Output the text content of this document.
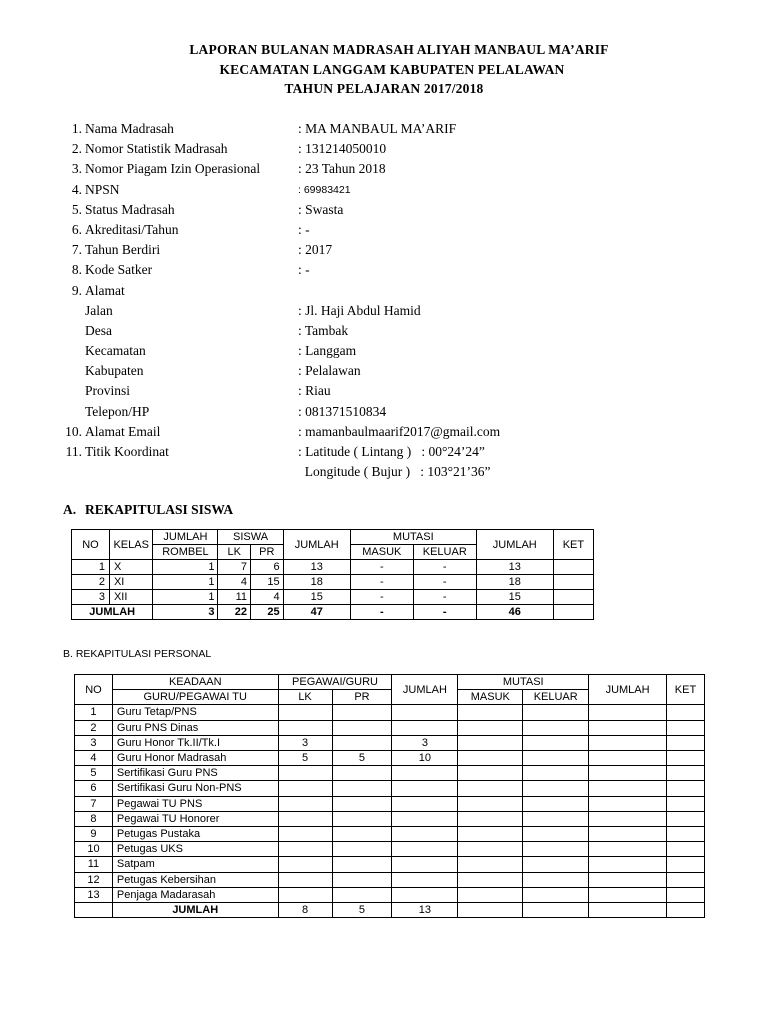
LAPORAN BULANAN MADRASAH ALIYAH MANBAUL MA’ARIF
KECAMATAN LANGGAM KABUPATEN PELALAWAN
TAHUN PELAJARAN 2017/2018
1. Nama Madrasah	: MA MANBAUL MA’ARIF
2. Nomor Statistik Madrasah	: 131214050010
3. Nomor Piagam Izin Operasional	: 23 Tahun 2018
4. NPSN	: 69983421
5. Status Madrasah	: Swasta
6. Akreditasi/Tahun	: -
7. Tahun Berdiri	: 2017
8. Kode Satker	: -
9. Alamat
Jalan	: Jl. Haji Abdul Hamid
Desa	: Tambak
Kecamatan	: Langgam
Kabupaten	: Pelalawan
Provinsi	: Riau
Telepon/HP	: 081371510834
10. Alamat Email	: mamanbaulmaarif2017@gmail.com
11. Titik Koordinat	: Latitude ( Lintang )   : 00°24’24”
Longitude ( Bujur )   : 103°21’36”
A. REKAPITULASI SISWA
NO	KELAS	JUMLAH	SISWA		JUMLAH	MUTASI		JUMLAH	KET
		ROMBEL	LK	PR		MASUK	KELUAR		
1	X	1	7	6	13	-	-	13	
2	XI	1	4	15	18	-	-	18	
3	XII	1	11	4	15	-	-	15	
JUMLAH		3	22	25	47	-	-	46	
B. REKAPITULASI PERSONAL
NO	KEADAAN	PEGAWAI/GURU		JUMLAH	MUTASI		JUMLAH	KET
	GURU/PEGAWAI TU	LK	PR		MASUK	KELUAR		
1	Guru Tetap/PNS							
2	Guru PNS Dinas							
3	Guru Honor Tk.II/Tk.I	3		3				
4	Guru Honor Madrasah	5	5	10				
5	Sertifikasi Guru PNS							
6	Sertifikasi Guru Non-PNS							
7	Pegawai TU PNS							
8	Pegawai TU Honorer							
9	Petugas Pustaka							
10	Petugas UKS							
11	Satpam							
12	Petugas Kebersihan							
13	Penjaga Madarasah							
	JUMLAH	8	5	13				
